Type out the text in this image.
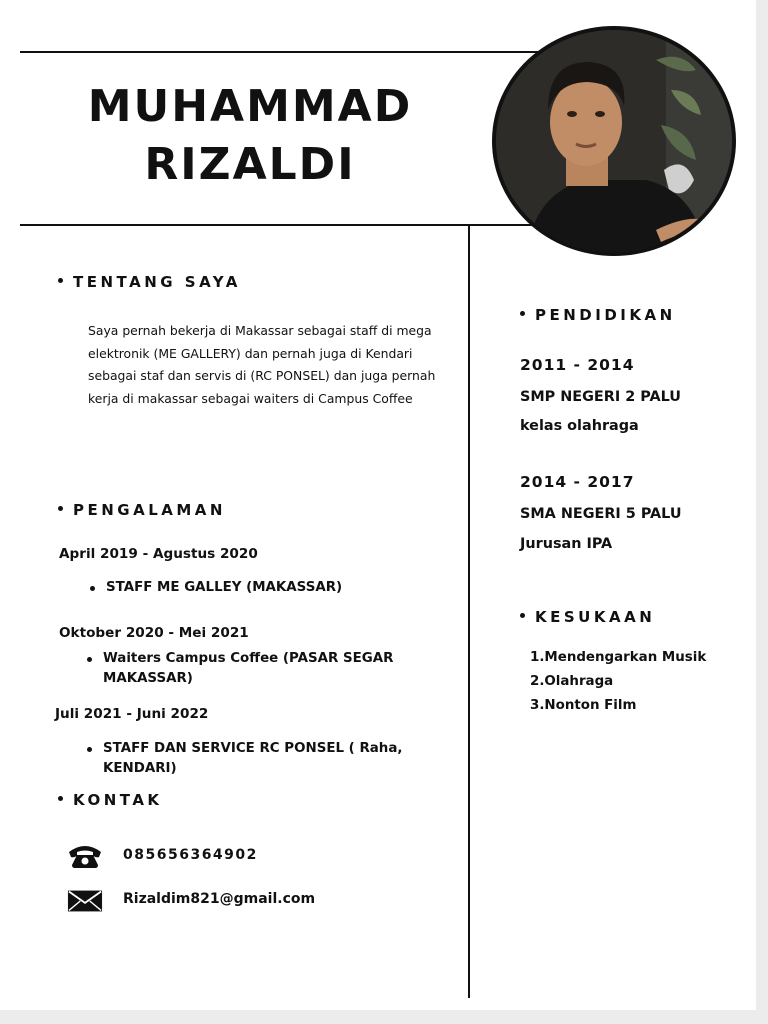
MUHAMMAD
RIZALDI
TENTANG SAYA

Saya pernah bekerja di Makassar sebagai staff di mega elektronik (ME GALLERY) dan pernah juga di Kendari sebagai staf dan servis di (RC PONSEL) dan juga pernah kerja di makassar sebagai waiters di Campus Coffee

PENGALAMAN

April 2019 - Agustus 2020

STAFF ME GALLEY (MAKASSAR)

Oktober 2020 - Mei 2021

Waiters Campus Coffee (PASAR SEGAR MAKASSAR)

Juli 2021 - Juni 2022

STAFF DAN SERVICE RC PONSEL ( Raha, KENDARI)
KONTAK

085656364902

Rizaldim821@gmail.com

PENDIDIKAN

2011 - 2014

SMP NEGERI 2 PALU

kelas olahraga

2014 - 2017

SMA NEGERI 5 PALU

Jurusan IPA

KESUKAAN

1.Mendengarkan Musik

2.Olahraga

3.Nonton Film
